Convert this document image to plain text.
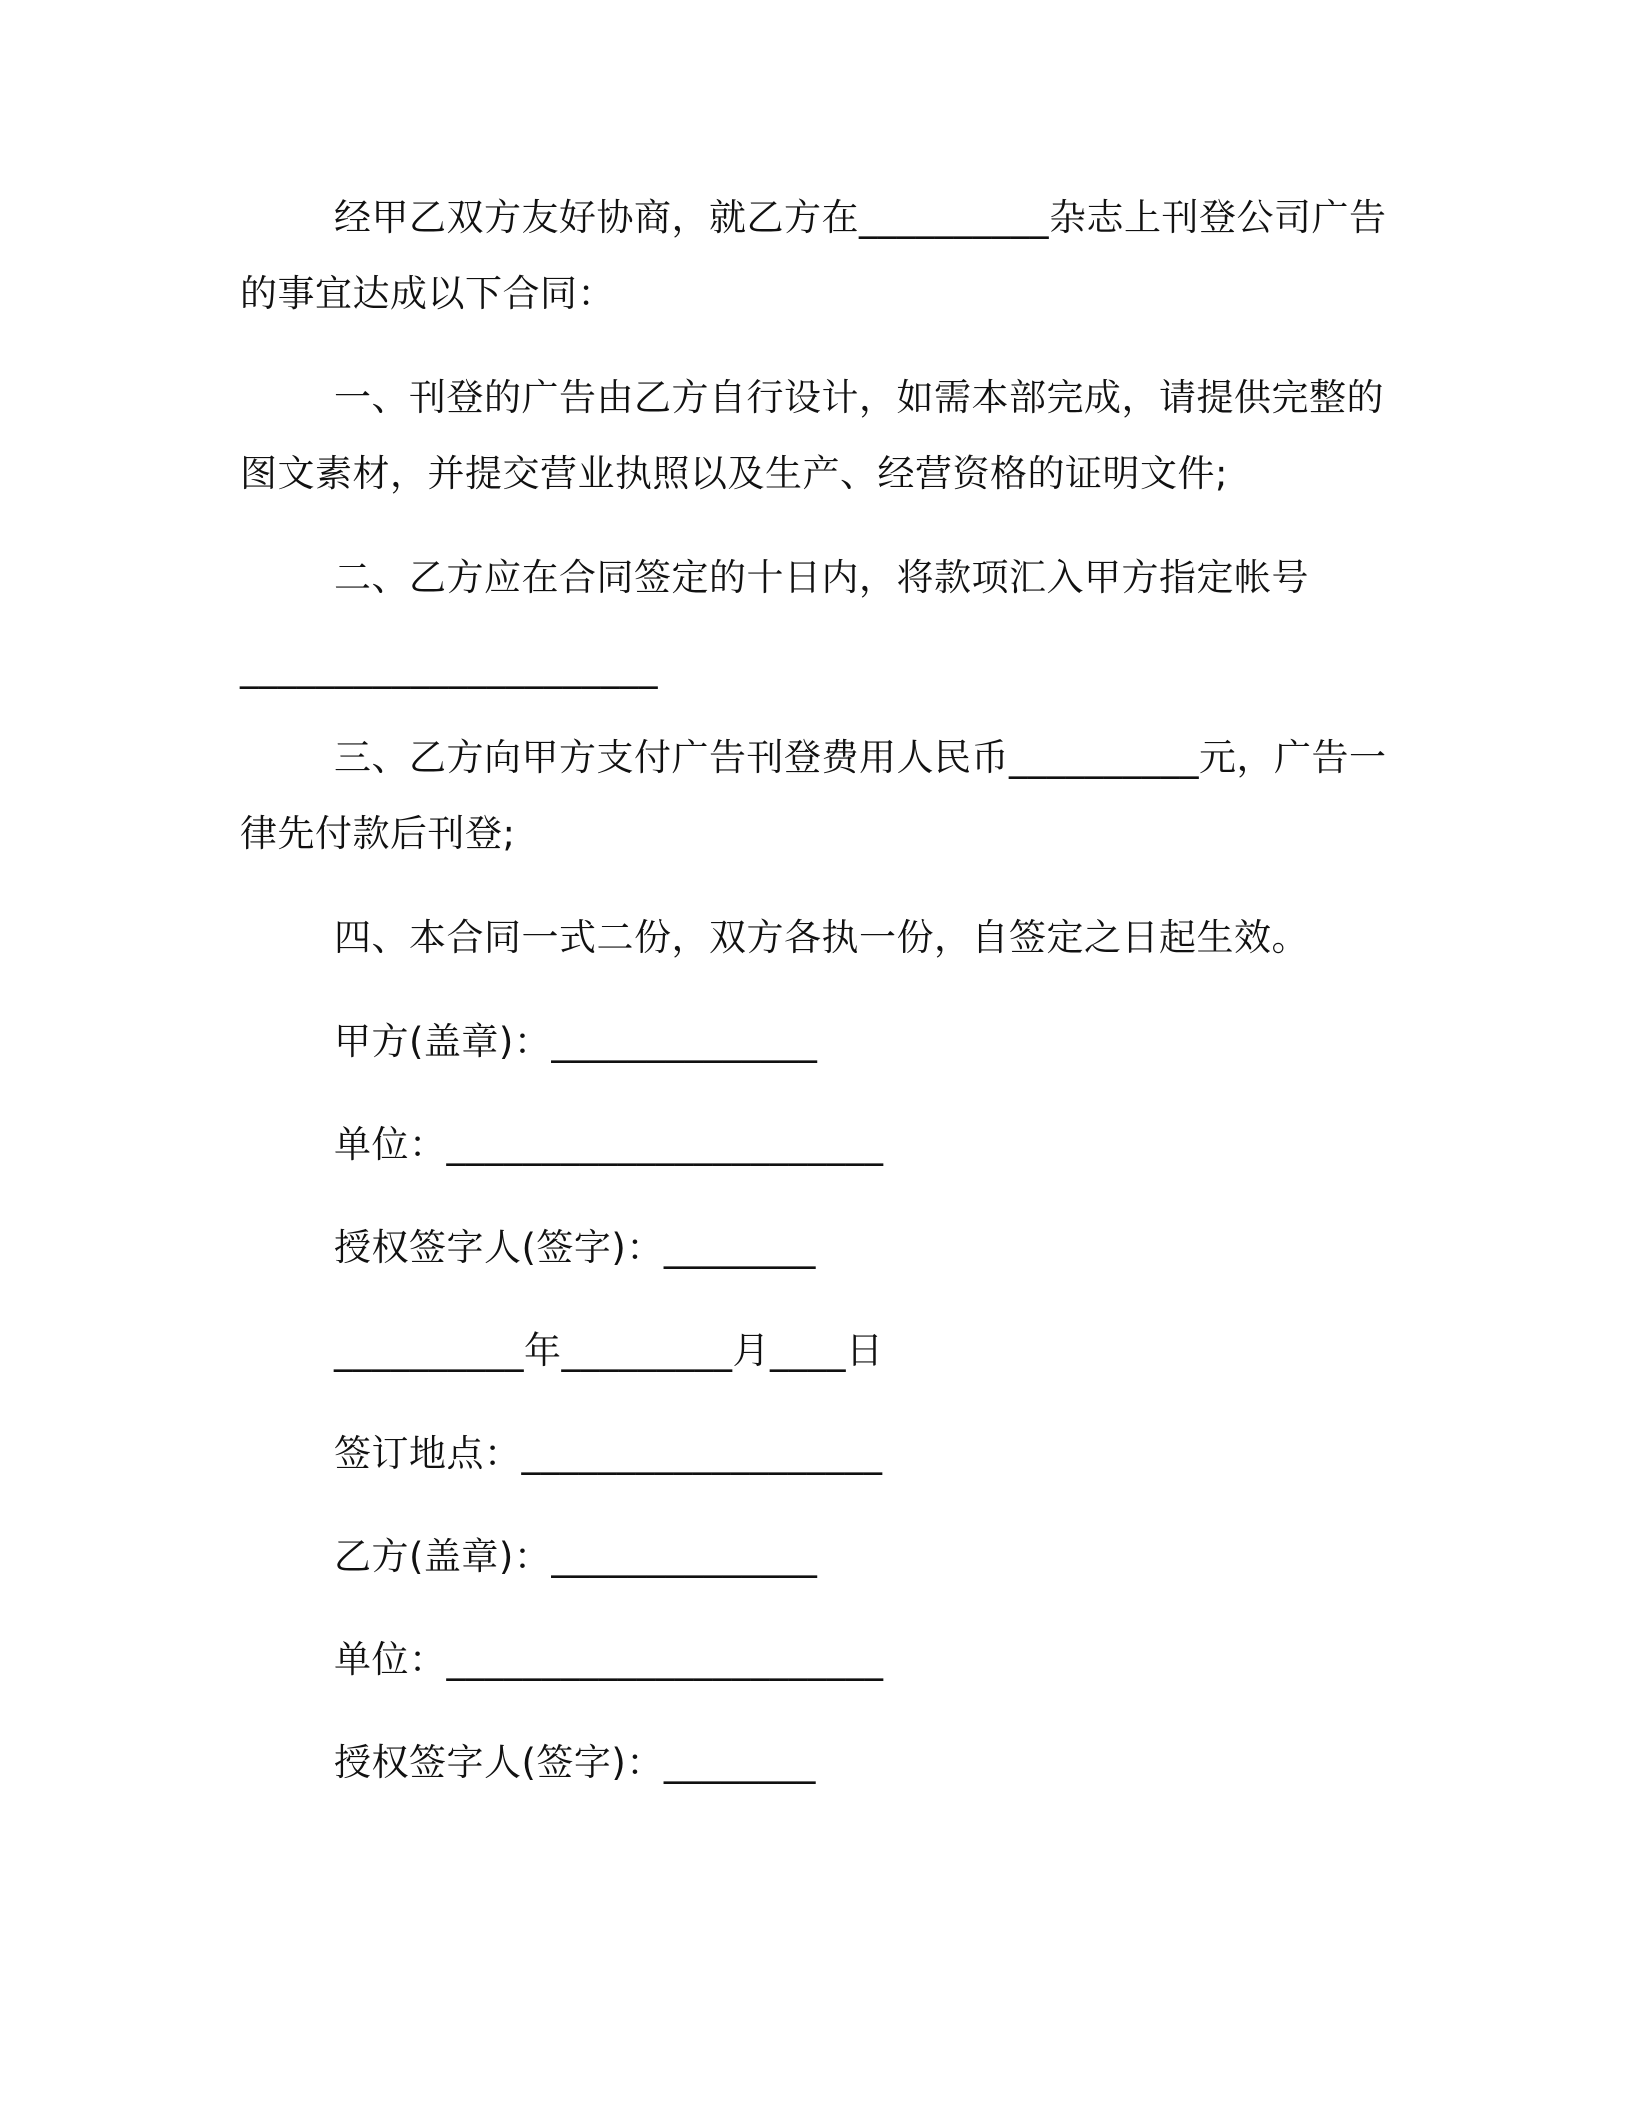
经甲乙双方友好协商，就乙方在__________杂志上刊登公司广告
的事宜达成以下合同：
一、刊登的广告由乙方自行设计，如需本部完成，请提供完整的
图文素材，并提交营业执照以及生产、经营资格的证明文件;
二、乙方应在合同签定的十日内，将款项汇入甲方指定帐号
______________________
三、乙方向甲方支付广告刊登费用人民币__________元，广告一
律先付款后刊登;
四、本合同一式二份，双方各执一份，自签定之日起生效。
甲方(盖章)：______________
单位：_______________________
授权签字人(签字)：________
__________年_________月____日
签订地点：___________________
乙方(盖章)：______________
单位：_______________________
授权签字人(签字)：________
